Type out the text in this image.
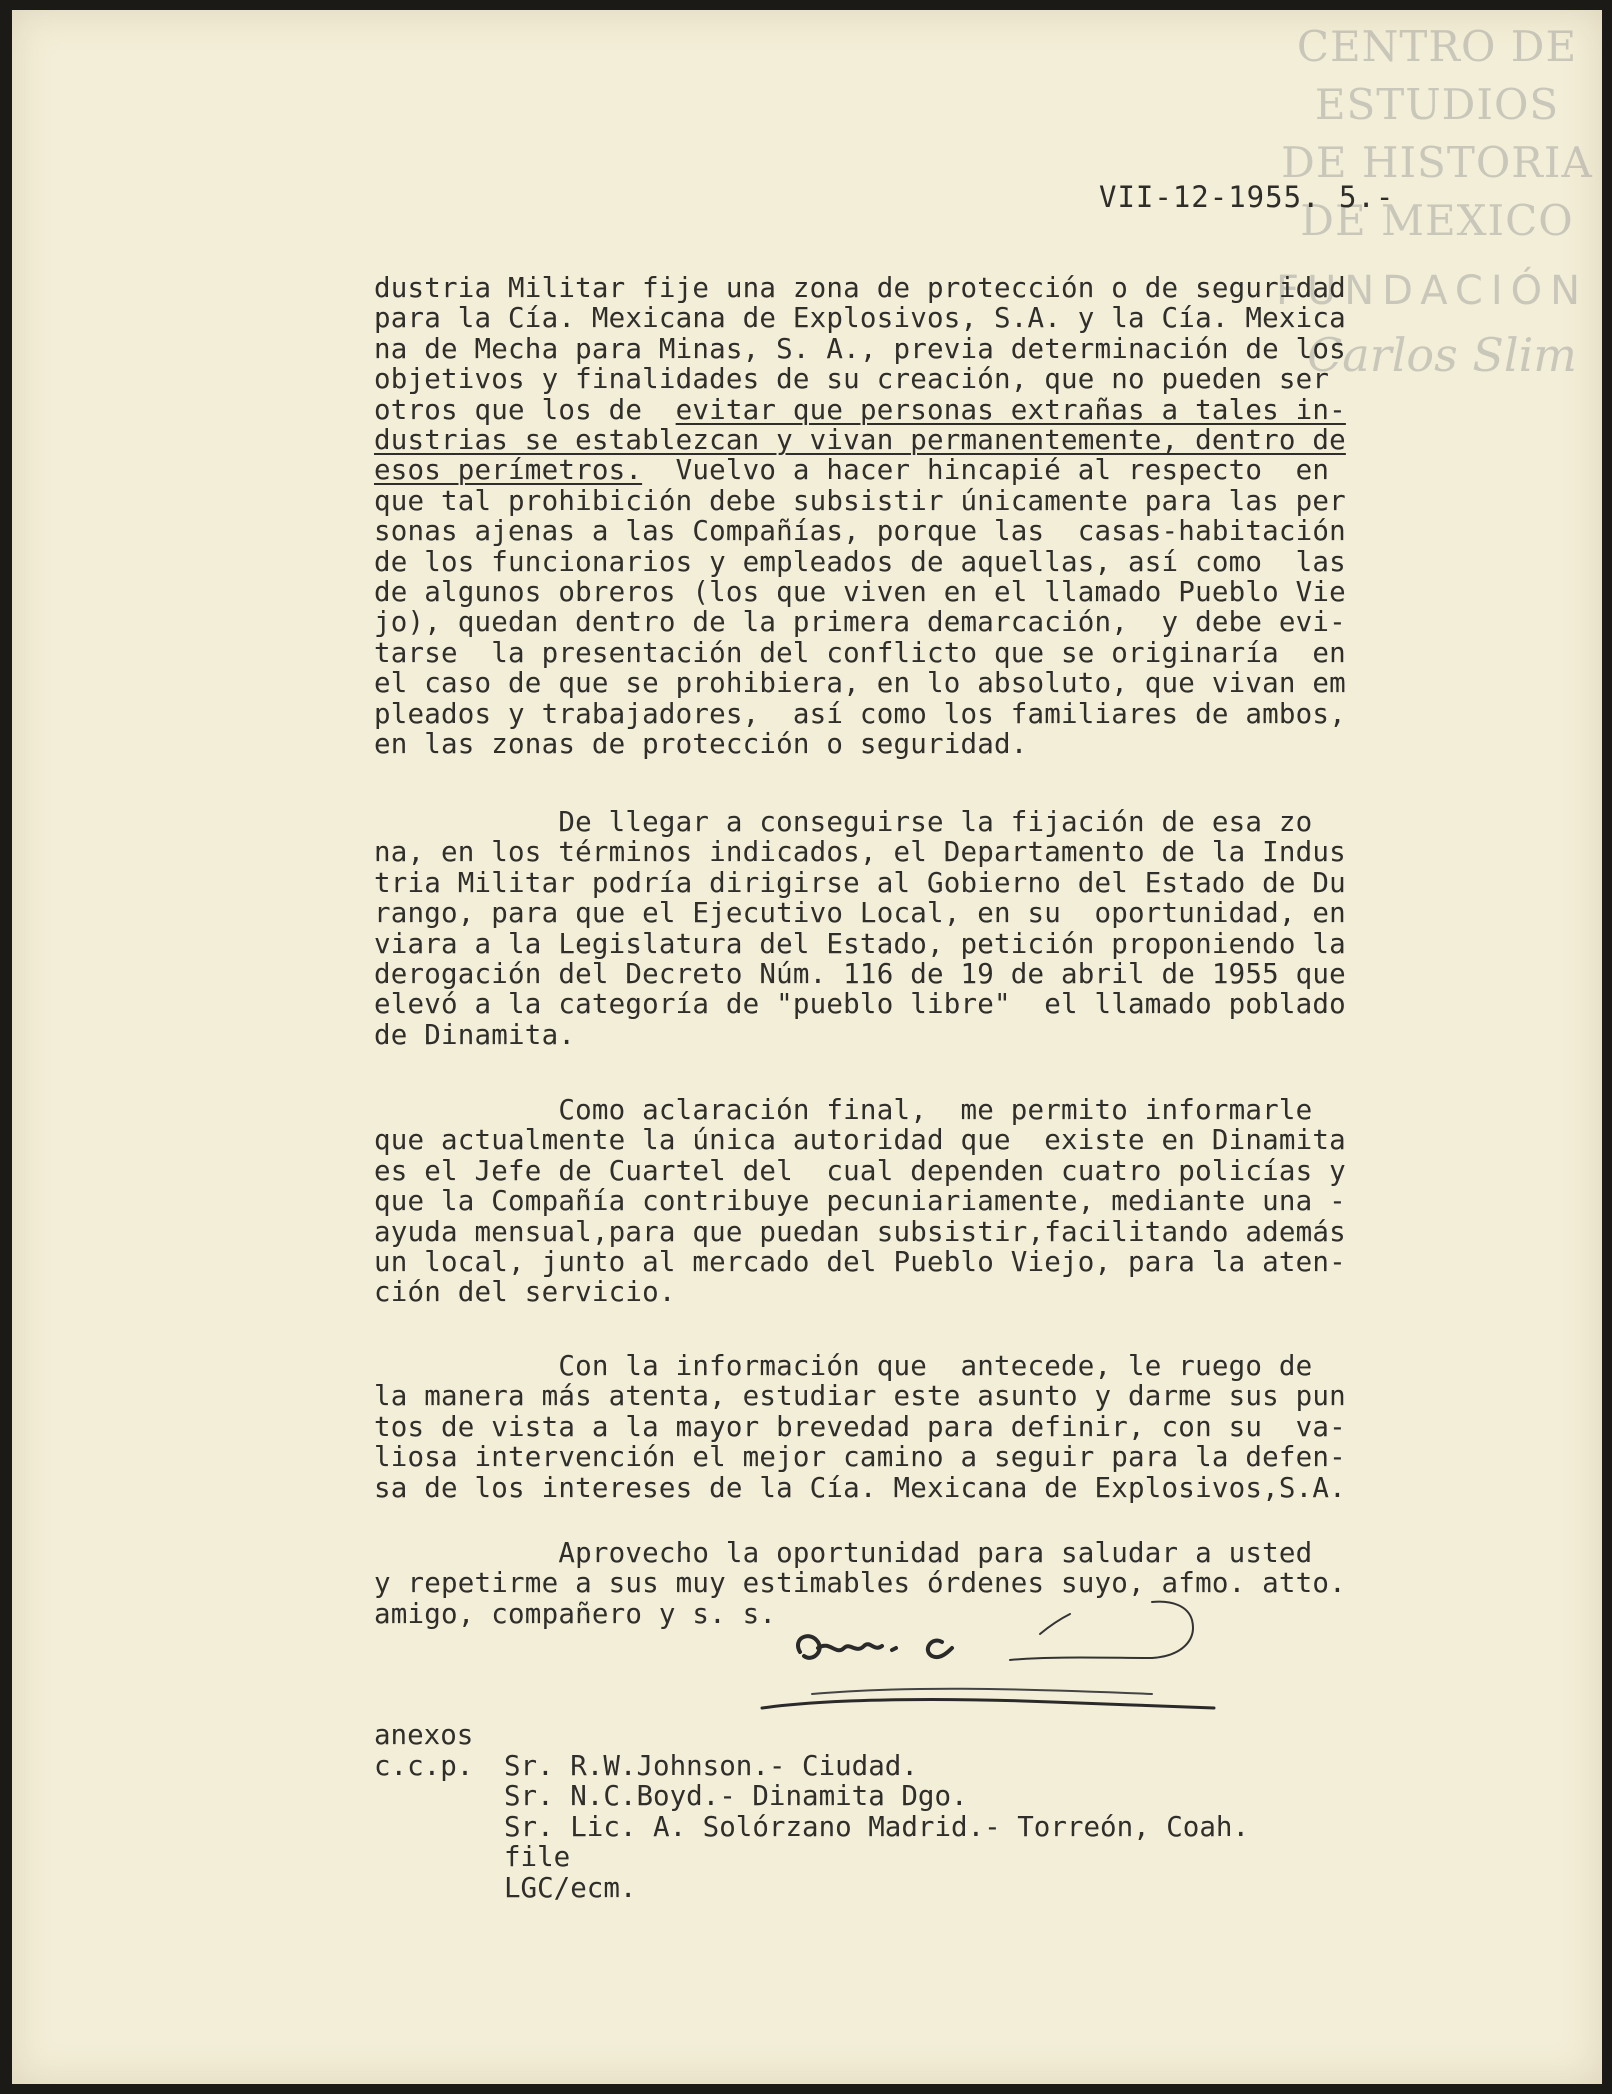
CENTRO DE
ESTUDIOS
DE HISTORIA
DE MEXICO
FUNDACIÓN
Carlos Slim
VII-12-1955. 5.-
dustria Militar fije una zona de protección o de seguridad
para la Cía. Mexicana de Explosivos, S.A. y la Cía. Mexica
na de Mecha para Minas, S. A., previa determinación de los
objetivos y finalidades de su creación, que no pueden ser
otros que los de  evitar que personas extrañas a tales in-
dustrias se establezcan y vivan permanentemente, dentro de
esos perímetros.  Vuelvo a hacer hincapié al respecto  en
que tal prohibición debe subsistir únicamente para las per
sonas ajenas a las Compañías, porque las  casas-habitación
de los funcionarios y empleados de aquellas, así como  las
de algunos obreros (los que viven en el llamado Pueblo Vie
jo), quedan dentro de la primera demarcación,  y debe evi-
tarse  la presentación del conflicto que se originaría  en
el caso de que se prohibiera, en lo absoluto, que vivan em
pleados y trabajadores,  así como los familiares de ambos,
en las zonas de protección o seguridad.
De llegar a conseguirse la fijación de esa zo
na, en los términos indicados, el Departamento de la Indus
tria Militar podría dirigirse al Gobierno del Estado de Du
rango, para que el Ejecutivo Local, en su  oportunidad, en
viara a la Legislatura del Estado, petición proponiendo la
derogación del Decreto Núm. 116 de 19 de abril de 1955 que
elevó a la categoría de "pueblo libre"  el llamado poblado
de Dinamita.
Como aclaración final,  me permito informarle
que actualmente la única autoridad que  existe en Dinamita
es el Jefe de Cuartel del  cual dependen cuatro policías y
que la Compañía contribuye pecuniariamente, mediante una -
ayuda mensual,para que puedan subsistir,facilitando además
un local, junto al mercado del Pueblo Viejo, para la aten-
ción del servicio.
Con la información que  antecede, le ruego de
la manera más atenta, estudiar este asunto y darme sus pun
tos de vista a la mayor brevedad para definir, con su  va-
liosa intervención el mejor camino a seguir para la defen-
sa de los intereses de la Cía. Mexicana de Explosivos,S.A.
Aprovecho la oportunidad para saludar a usted
y repetirme a sus muy estimables órdenes suyo, afmo. atto.
amigo, compañero y s. s.
anexos
c.c.p. Sr. R.W.Johnson.- Ciudad.
Sr. N.C.Boyd.- Dinamita Dgo.
Sr. Lic. A. Solórzano Madrid.- Torreón, Coah.
file
LGC/ecm.
